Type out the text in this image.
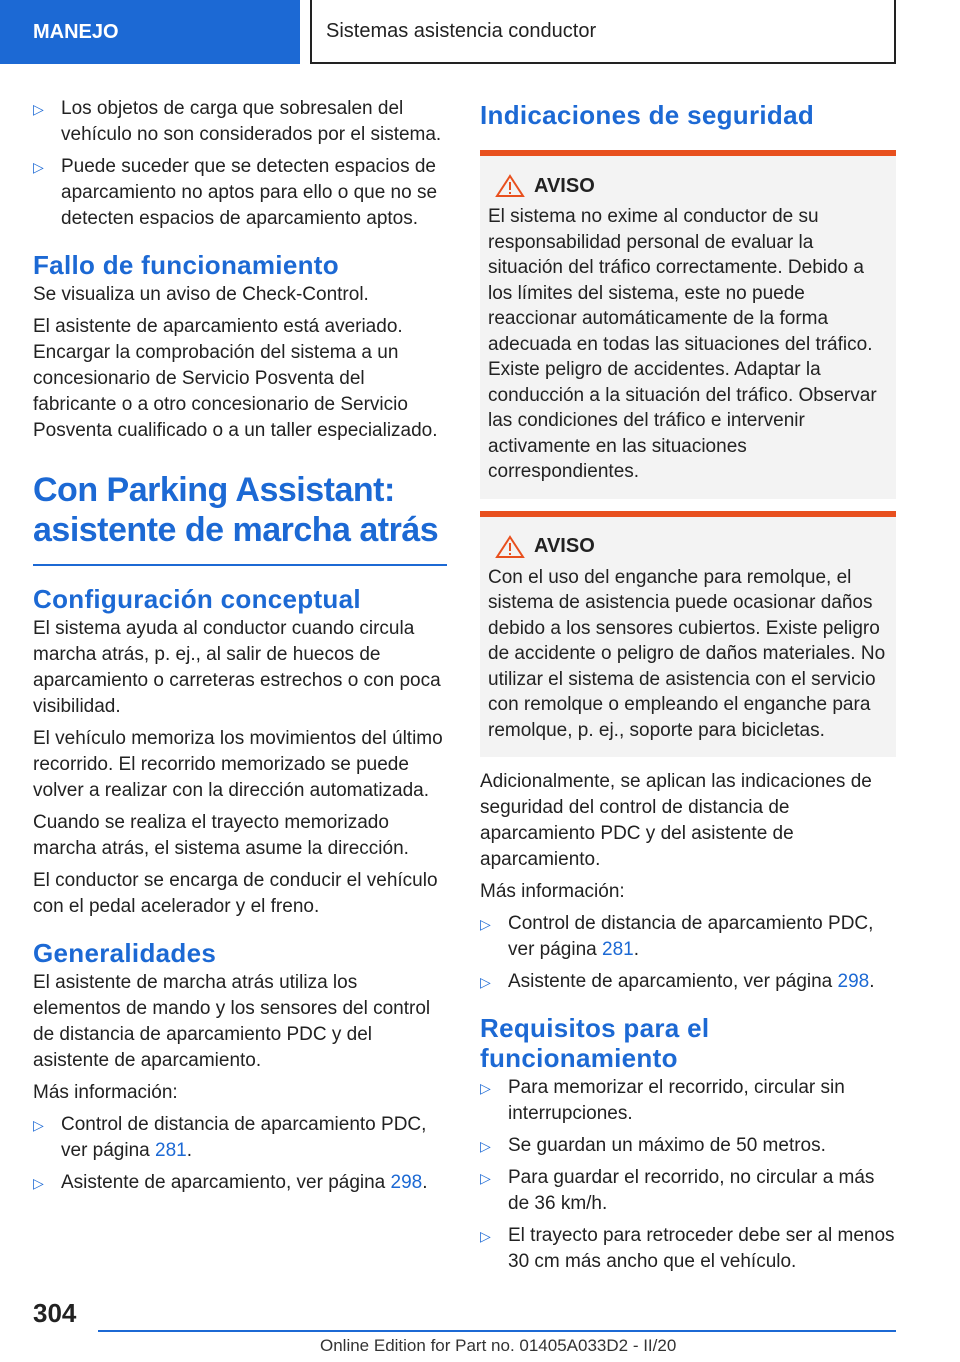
MANEJO	Sistemas asistencia conductor
▷ Los objetos de carga que sobresalen del vehículo no son considerados por el sistema.
▷ Puede suceder que se detecten espacios de aparcamiento no aptos para ello o que no se detecten espacios de aparcamiento aptos.
Fallo de funcionamiento

Se visualiza un aviso de Check-Control.

El asistente de aparcamiento está averiado. Encargar la comprobación del sistema a un concesionario de Servicio Posventa del fabricante o a otro concesionario de Servicio Posventa cualificado o a un taller especializado.

Con Parking Assistant: asistente de marcha atrás
Configuración conceptual

El sistema ayuda al conductor cuando circula marcha atrás, p. ej., al salir de huecos de aparcamiento o carreteras estrechos o con poca visibilidad.

El vehículo memoriza los movimientos del último recorrido. El recorrido memorizado se puede volver a realizar con la dirección automatizada.

Cuando se realiza el trayecto memorizado marcha atrás, el sistema asume la dirección.

El conductor se encarga de conducir el vehículo con el pedal acelerador y el freno.

Generalidades

El asistente de marcha atrás utiliza los elementos de mando y los sensores del control de distancia de aparcamiento PDC y del asistente de aparcamiento.

Más información:

▷ Control de distancia de aparcamiento PDC, ver página 281.
▷ Asistente de aparcamiento, ver página 298.
Indicaciones de seguridad
AVISO
El sistema no exime al conductor de su responsabilidad personal de evaluar la situación del tráfico correctamente. Debido a los límites del sistema, este no puede reaccionar automáticamente de la forma adecuada en todas las situaciones del tráfico. Existe peligro de accidentes. Adaptar la conducción a la situación del tráfico. Observar las condiciones del tráfico e intervenir activamente en las situaciones correspondientes.
AVISO
Con el uso del enganche para remolque, el sistema de asistencia puede ocasionar daños debido a los sensores cubiertos. Existe peligro de accidente o peligro de daños materiales. No utilizar el sistema de asistencia con el servicio con remolque o empleando el enganche para remolque, p. ej., soporte para bicicletas.

Adicionalmente, se aplican las indicaciones de seguridad del control de distancia de aparcamiento PDC y del asistente de aparcamiento.

Más información:

▷ Control de distancia de aparcamiento PDC, ver página 281.
▷ Asistente de aparcamiento, ver página 298.
Requisitos para el funcionamiento
▷ Para memorizar el recorrido, circular sin interrupciones.
▷ Se guardan un máximo de 50 metros.
▷ Para guardar el recorrido, no circular a más de 36 km/h.
▷ El trayecto para retroceder debe ser al menos 30 cm más ancho que el vehículo.
304
Online Edition for Part no. 01405A033D2 - II/20
